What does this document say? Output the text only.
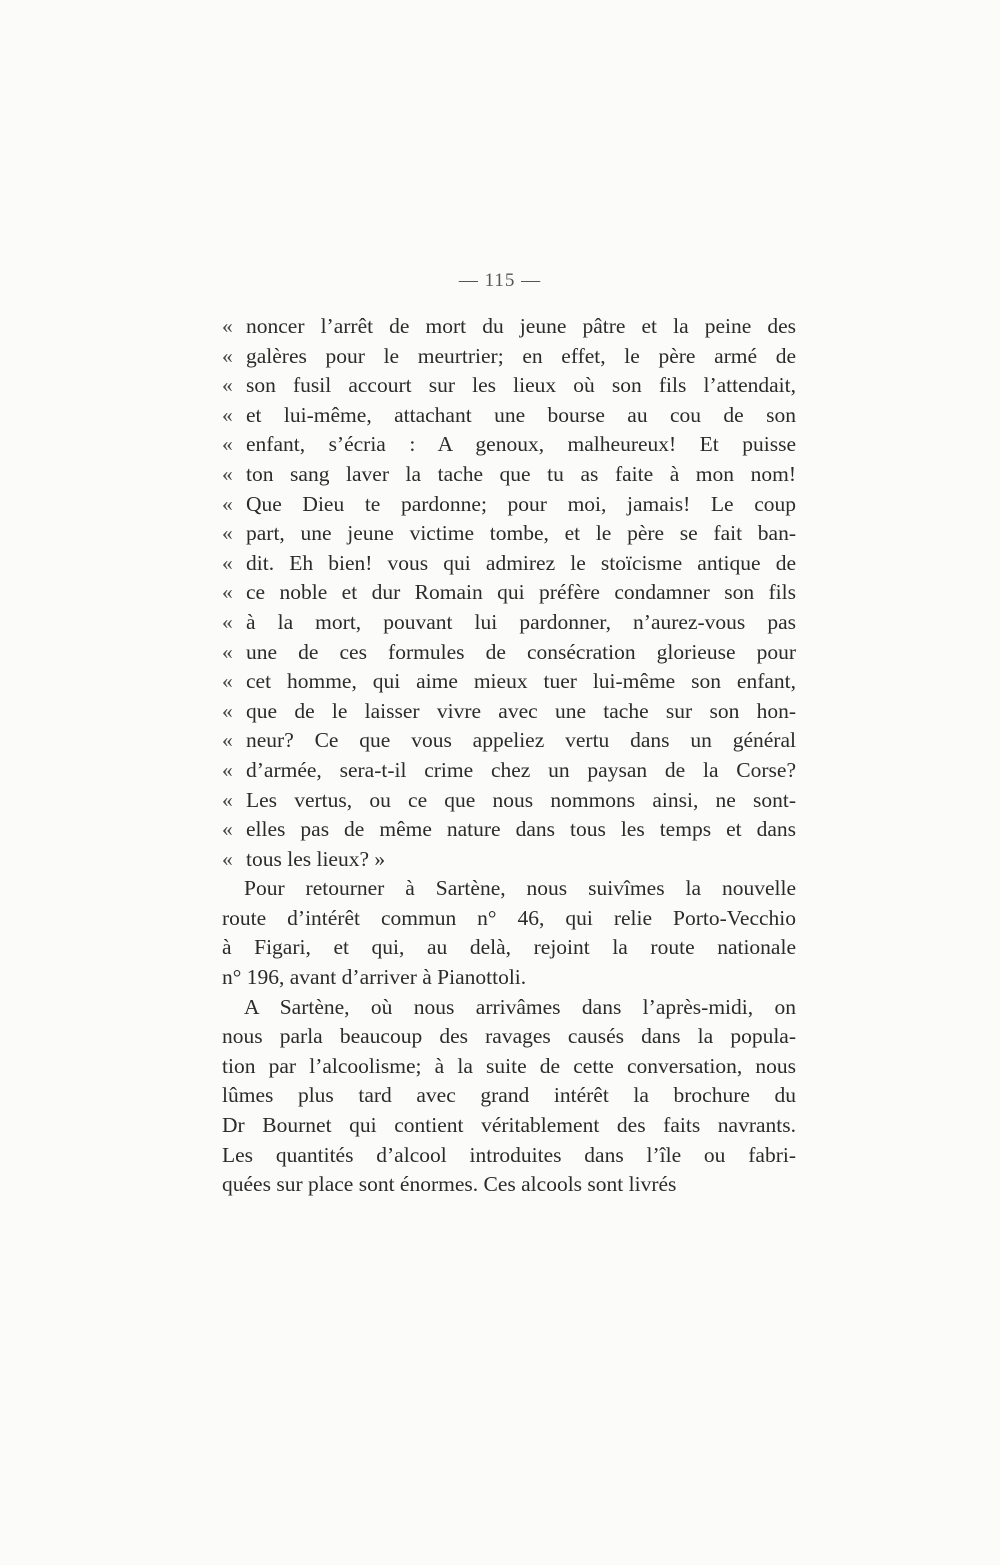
— 115 —
« noncer l’arrêt de mort du jeune pâtre et la peine des
« galères pour le meurtrier; en effet, le père armé de
« son fusil accourt sur les lieux où son fils l’attendait,
« et lui-même, attachant une bourse au cou de son
« enfant, s’écria : A genoux, malheureux! Et puisse
« ton sang laver la tache que tu as faite à mon nom!
« Que Dieu te pardonne; pour moi, jamais! Le coup
« part, une jeune victime tombe, et le père se fait ban-
« dit. Eh bien! vous qui admirez le stoïcisme antique de
« ce noble et dur Romain qui préfère condamner son fils
« à la mort, pouvant lui pardonner, n’aurez-vous pas
« une de ces formules de consécration glorieuse pour
« cet homme, qui aime mieux tuer lui-même son enfant,
« que de le laisser vivre avec une tache sur son hon-
« neur? Ce que vous appeliez vertu dans un général
« d’armée, sera-t-il crime chez un paysan de la Corse?
« Les vertus, ou ce que nous nommons ainsi, ne sont-
« elles pas de même nature dans tous les temps et dans
« tous les lieux? »
Pour retourner à Sartène, nous suivîmes la nouvelle
route d’intérêt commun n° 46, qui relie Porto-Vecchio
à Figari, et qui, au delà, rejoint la route nationale
n° 196, avant d’arriver à Pianottoli.
A Sartène, où nous arrivâmes dans l’après-midi, on
nous parla beaucoup des ravages causés dans la popula-
tion par l’alcoolisme; à la suite de cette conversation, nous
lûmes plus tard avec grand intérêt la brochure du
Dr Bournet qui contient véritablement des faits navrants.
Les quantités d’alcool introduites dans l’île ou fabri-
quées sur place sont énormes. Ces alcools sont livrés
